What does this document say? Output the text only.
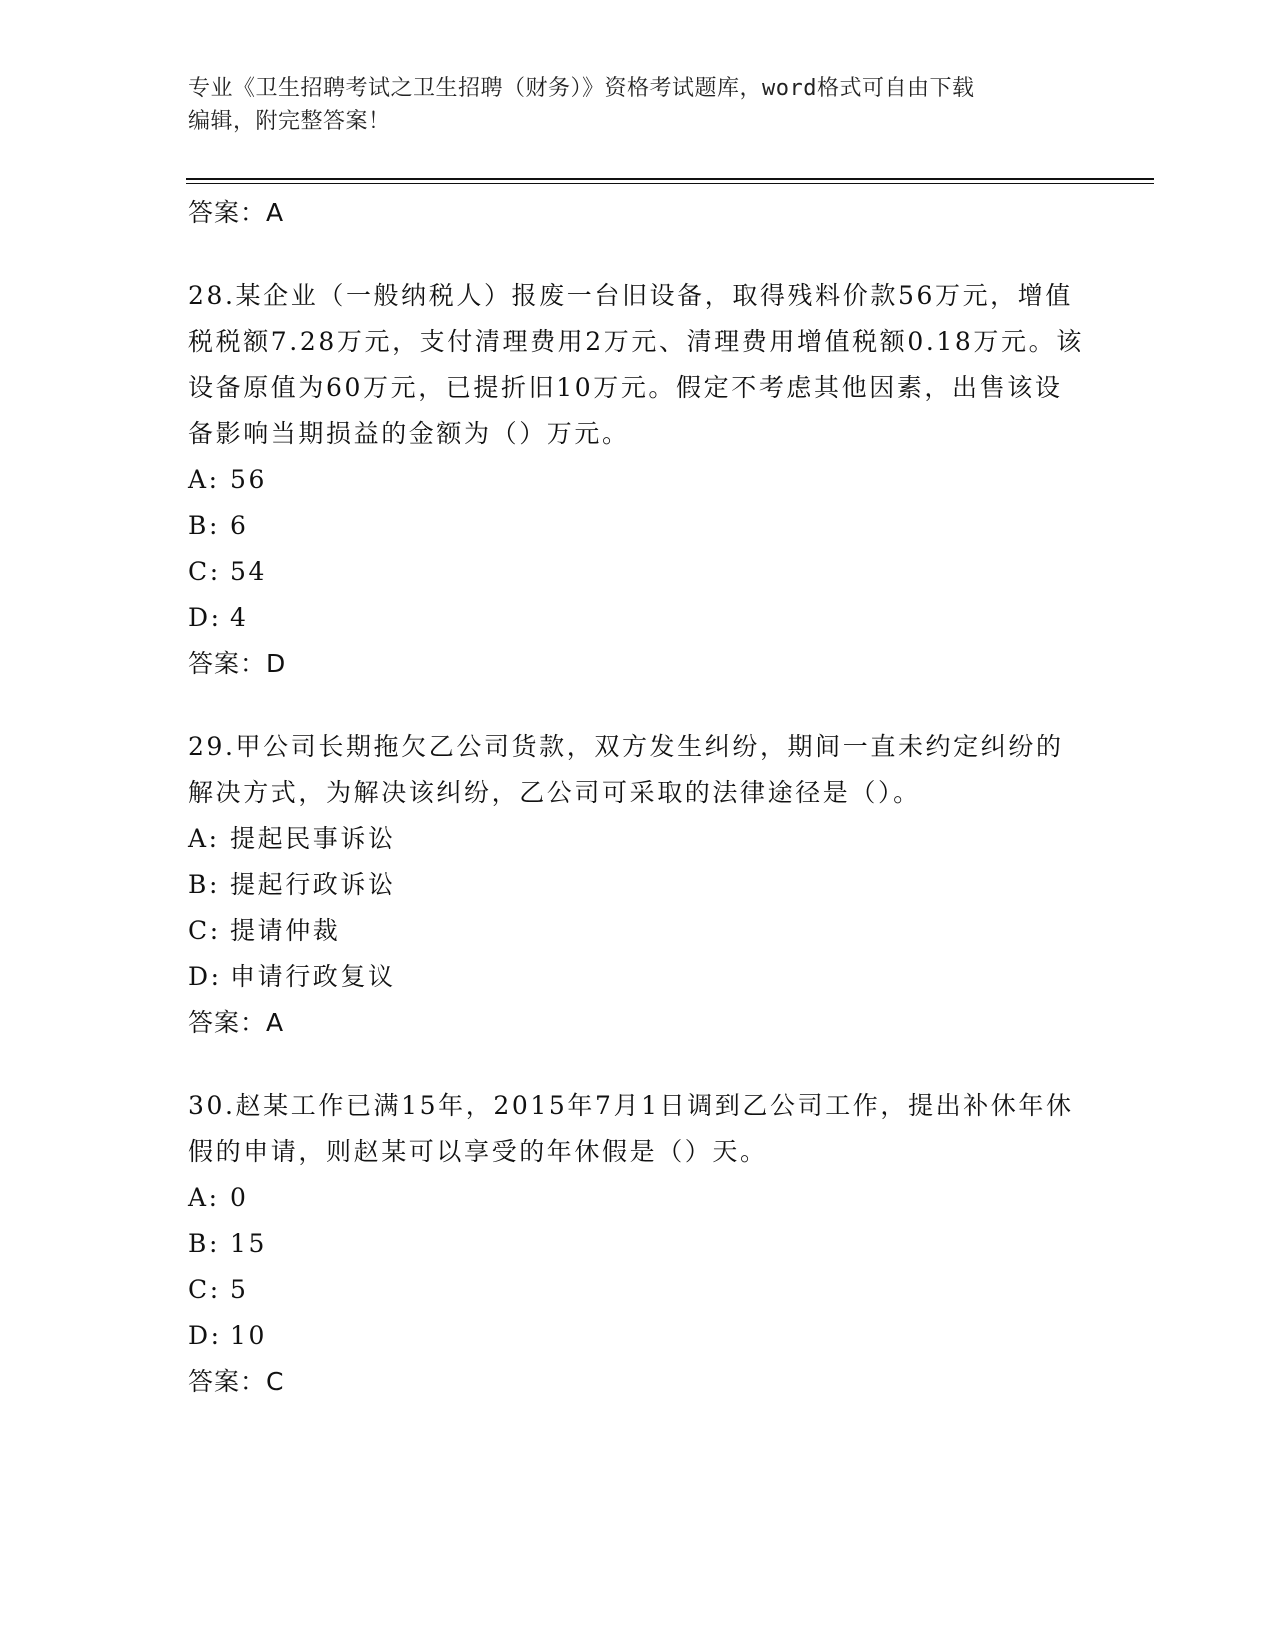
专业《卫生招聘考试之卫生招聘（财务）》资格考试题库，word格式可自由下载
编辑，附完整答案！
答案：A

28.某企业（一般纳税人）报废一台旧设备，取得残料价款56万元，增值税税额7.28万元，支付清理费用2万元、清理费用增值税额0.18万元。该设备原值为60万元，已提折旧10万元。假定不考虑其他因素，出售该设备影响当期损益的金额为（）万元。

A: 56
B: 6
C: 54
D: 4
答案：D

29.甲公司长期拖欠乙公司货款，双方发生纠纷，期间一直未约定纠纷的解决方式，为解决该纠纷，乙公司可采取的法律途径是（）。

A: 提起民事诉讼
B: 提起行政诉讼
C: 提请仲裁
D: 申请行政复议
答案：A

30.赵某工作已满15年，2015年7月1日调到乙公司工作，提出补休年休假的申请，则赵某可以享受的年休假是（）天。

A: 0
B: 15
C: 5
D: 10
答案：C
